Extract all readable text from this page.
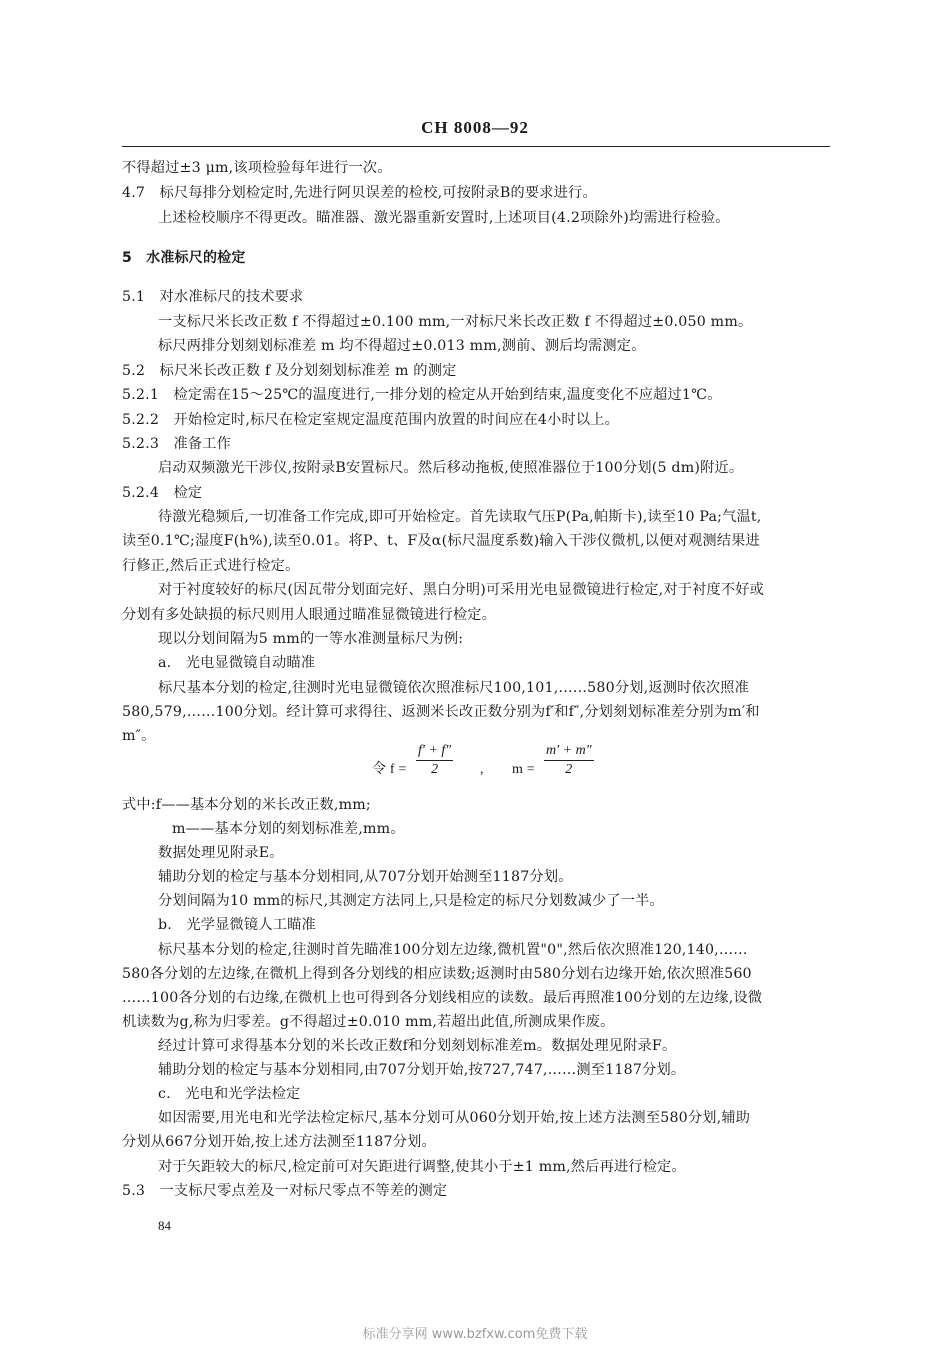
CH 8008—92
不得超过±3 μm,该项检验每年进行一次。
4.7　标尺每排分划检定时,先进行阿贝误差的检校,可按附录B的要求进行。
上述检校顺序不得更改。瞄准器、激光器重新安置时,上述项目(4.2项除外)均需进行检验。
5　水准标尺的检定
5.1　对水准标尺的技术要求
一支标尺米长改正数 f 不得超过±0.100 mm,一对标尺米长改正数 f 不得超过±0.050 mm。
标尺两排分划刻划标准差 m 均不得超过±0.013 mm,测前、测后均需测定。
5.2　标尺米长改正数 f 及分划刻划标准差 m 的测定
5.2.1　检定需在15～25℃的温度进行,一排分划的检定从开始到结束,温度变化不应超过1℃。
5.2.2　开始检定时,标尺在检定室规定温度范围内放置的时间应在4小时以上。
5.2.3　准备工作
启动双频激光干涉仪,按附录B安置标尺。然后移动拖板,使照准器位于100分划(5 dm)附近。
5.2.4　检定
待激光稳频后,一切准备工作完成,即可开始检定。首先读取气压P(Pa,帕斯卡),读至10 Pa;气温t,
读至0.1℃;湿度F(h%),读至0.01。将P、t、F及α(标尺温度系数)输入干涉仪微机,以便对观测结果进
行修正,然后正式进行检定。
对于衬度较好的标尺(因瓦带分划面完好、黑白分明)可采用光电显微镜进行检定,对于衬度不好或
分划有多处缺损的标尺则用人眼通过瞄准显微镜进行检定。
现以分划间隔为5 mm的一等水准测量标尺为例:
a.　光电显微镜自动瞄准
标尺基本分划的检定,往测时光电显微镜依次照准标尺100,101,……580分划,返测时依次照准
580,579,……100分划。经计算可求得往、返测米长改正数分别为f′和f″,分划刻划标准差分别为m′和
m″。
令 $f = \frac{f' + f''}{2}$ , $m = \frac{m' + m''}{2}$
式中:f——基本分划的米长改正数,mm;
m——基本分划的刻划标准差,mm。
数据处理见附录E。
辅助分划的检定与基本分划相同,从707分划开始测至1187分划。
分划间隔为10 mm的标尺,其测定方法同上,只是检定的标尺分划数减少了一半。
b.　光学显微镜人工瞄准
标尺基本分划的检定,往测时首先瞄准100分划左边缘,微机置"0",然后依次照准120,140,……
580各分划的左边缘,在微机上得到各分划线的相应读数;返测时由580分划右边缘开始,依次照准560
……100各分划的右边缘,在微机上也可得到各分划线相应的读数。最后再照准100分划的左边缘,设微
机读数为g,称为归零差。g不得超过±0.010 mm,若超出此值,所测成果作废。
经过计算可求得基本分划的米长改正数f和分划刻划标准差m。数据处理见附录F。
辅助分划的检定与基本分划相同,由707分划开始,按727,747,……测至1187分划。
c.　光电和光学法检定
如因需要,用光电和光学法检定标尺,基本分划可从060分划开始,按上述方法测至580分划,辅助
分划从667分划开始,按上述方法测至1187分划。
对于矢距较大的标尺,检定前可对矢距进行调整,使其小于±1 mm,然后再进行检定。
5.3　一支标尺零点差及一对标尺零点不等差的测定
84
标准分享网 www.bzfxw.com免费下载
